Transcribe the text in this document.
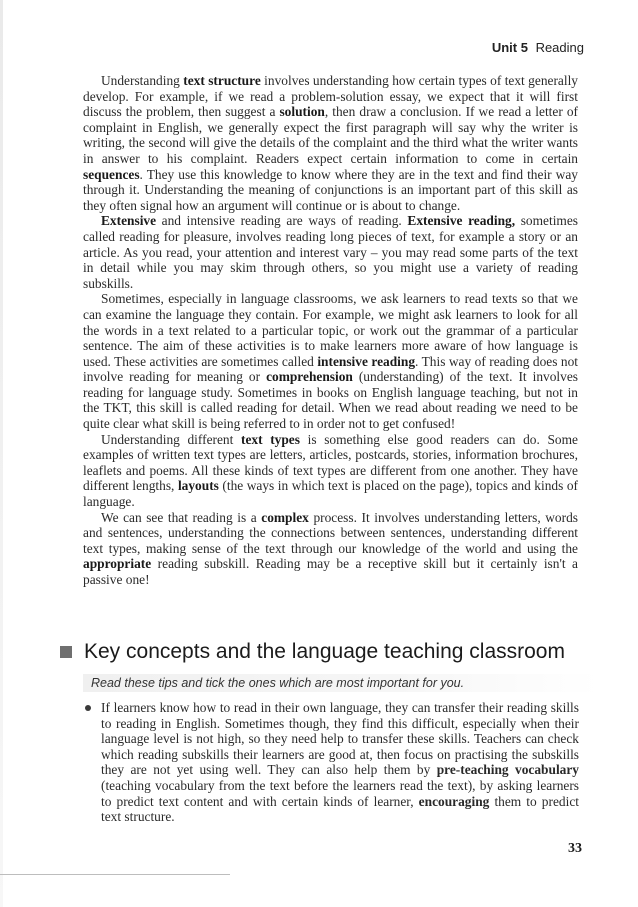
Unit 5 Reading

Understanding text structure involves understanding how certain types of text generally develop. For example, if we read a problem-solution essay, we expect that it will first discuss the problem, then suggest a solution, then draw a conclusion. If we read a letter of complaint in English, we generally expect the first paragraph will say why the writer is writing, the second will give the details of the complaint and the third what the writer wants in answer to his complaint. Readers expect certain information to come in certain sequences. They use this knowledge to know where they are in the text and find their way through it. Understanding the meaning of conjunctions is an important part of this skill as they often signal how an argument will continue or is about to change.

Extensive and intensive reading are ways of reading. Extensive reading, sometimes called reading for pleasure, involves reading long pieces of text, for example a story or an article. As you read, your attention and interest vary – you may read some parts of the text in detail while you may skim through others, so you might use a variety of reading subskills.

Sometimes, especially in language classrooms, we ask learners to read texts so that we can examine the language they contain. For example, we might ask learners to look for all the words in a text related to a particular topic, or work out the grammar of a particular sentence. The aim of these activities is to make learners more aware of how language is used. These activities are sometimes called intensive reading. This way of reading does not involve reading for meaning or comprehension (understanding) of the text. It involves reading for language study. Sometimes in books on English language teaching, but not in the TKT, this skill is called reading for detail. When we read about reading we need to be quite clear what skill is being referred to in order not to get confused!

Understanding different text types is something else good readers can do. Some examples of written text types are letters, articles, postcards, stories, information brochures, leaflets and poems. All these kinds of text types are different from one another. They have different lengths, layouts (the ways in which text is placed on the page), topics and kinds of language.

We can see that reading is a complex process. It involves understanding letters, words and sentences, understanding the connections between sentences, understanding different text types, making sense of the text through our knowledge of the world and using the appropriate reading subskill. Reading may be a receptive skill but it certainly isn't a passive one!

Key concepts and the language teaching classroom
Read these tips and tick the ones which are most important for you.
If learners know how to read in their own language, they can transfer their reading skills to reading in English. Sometimes though, they find this difficult, especially when their language level is not high, so they need help to transfer these skills. Teachers can check which reading subskills their learners are good at, then focus on practising the subskills they are not yet using well. They can also help them by pre-teaching vocabulary (teaching vocabulary from the text before the learners read the text), by asking learners to predict text content and with certain kinds of learner, encouraging them to predict text structure.
33
